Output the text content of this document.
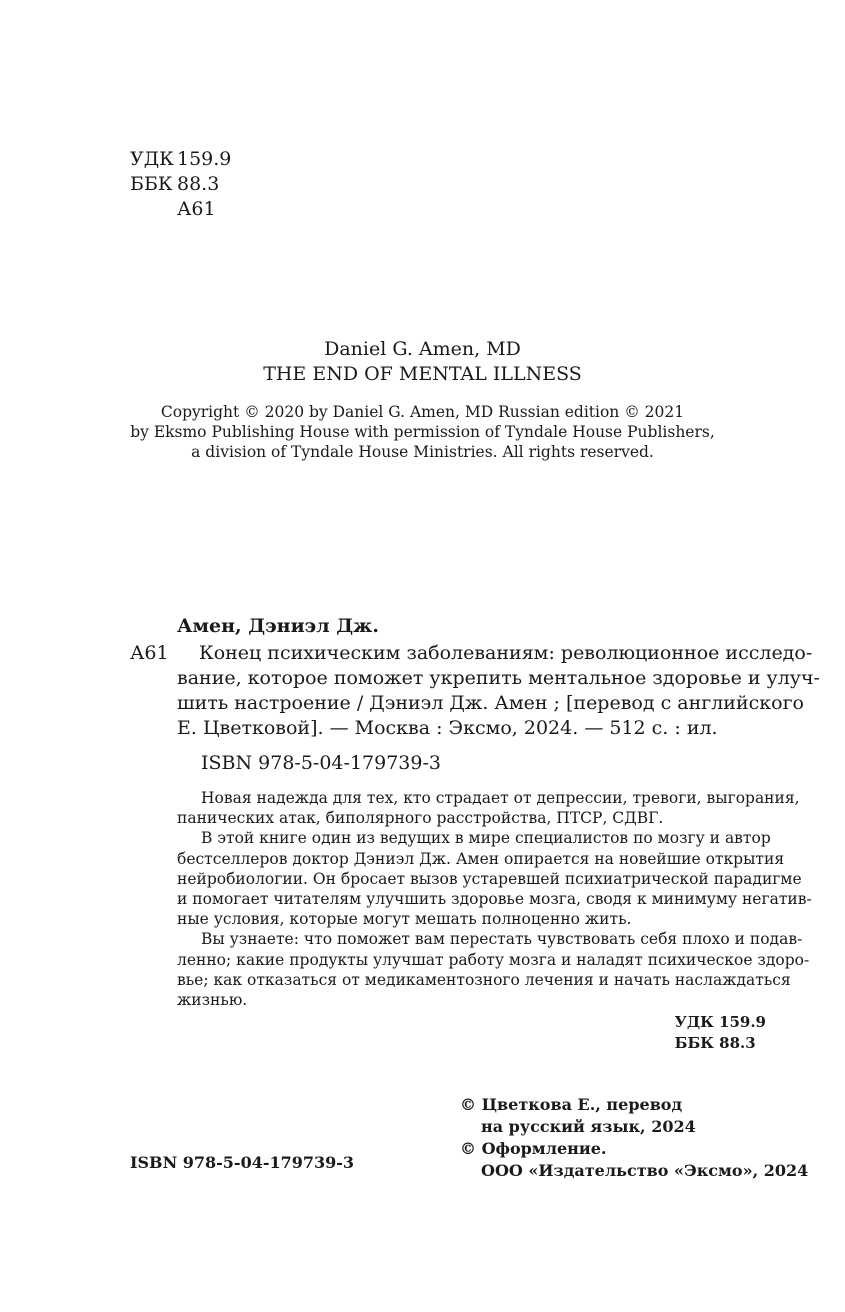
УДК 159.9
ББК 88.3
А61
Daniel G. Amen, MD
THE END OF MENTAL ILLNESS
Copyright © 2020 by Daniel G. Amen, MD Russian edition © 2021
by Eksmo Publishing House with permission of Tyndale House Publishers,
a division of Tyndale House Ministries. All rights reserved.
Амен, Дэниэл Дж.
А61	Конец психическим заболеваниям: революционное исследо-
вание, которое поможет укрепить ментальное здоровье и улуч-
шить настроение / Дэниэл Дж. Амен ; [перевод с английского
Е. Цветковой]. — Москва : Эксмо, 2024. — 512 с. : ил.
ISBN 978-5-04-179739-3
Новая надежда для тех, кто страдает от депрессии, тревоги, выгорания,
панических атак, биполярного расстройства, ПТСР, СДВГ.
В этой книге один из ведущих в мире специалистов по мозгу и автор
бестселлеров доктор Дэниэл Дж. Амен опирается на новейшие открытия
нейробиологии. Он бросает вызов устаревшей психиатрической парадигме
и помогает читателям улучшить здоровье мозга, сводя к минимуму негатив-
ные условия, которые могут мешать полноценно жить.
Вы узнаете: что поможет вам перестать чувствовать себя плохо и подав-
ленно; какие продукты улучшат работу мозга и наладят психическое здоро-
вье; как отказаться от медикаментозного лечения и начать наслаждаться
жизнью.
УДК 159.9
ББК 88.3
© Цветкова Е., перевод
на русский язык, 2024
© Оформление.
ООО «Издательство «Эксмо», 2024
ISBN 978-5-04-179739-3
